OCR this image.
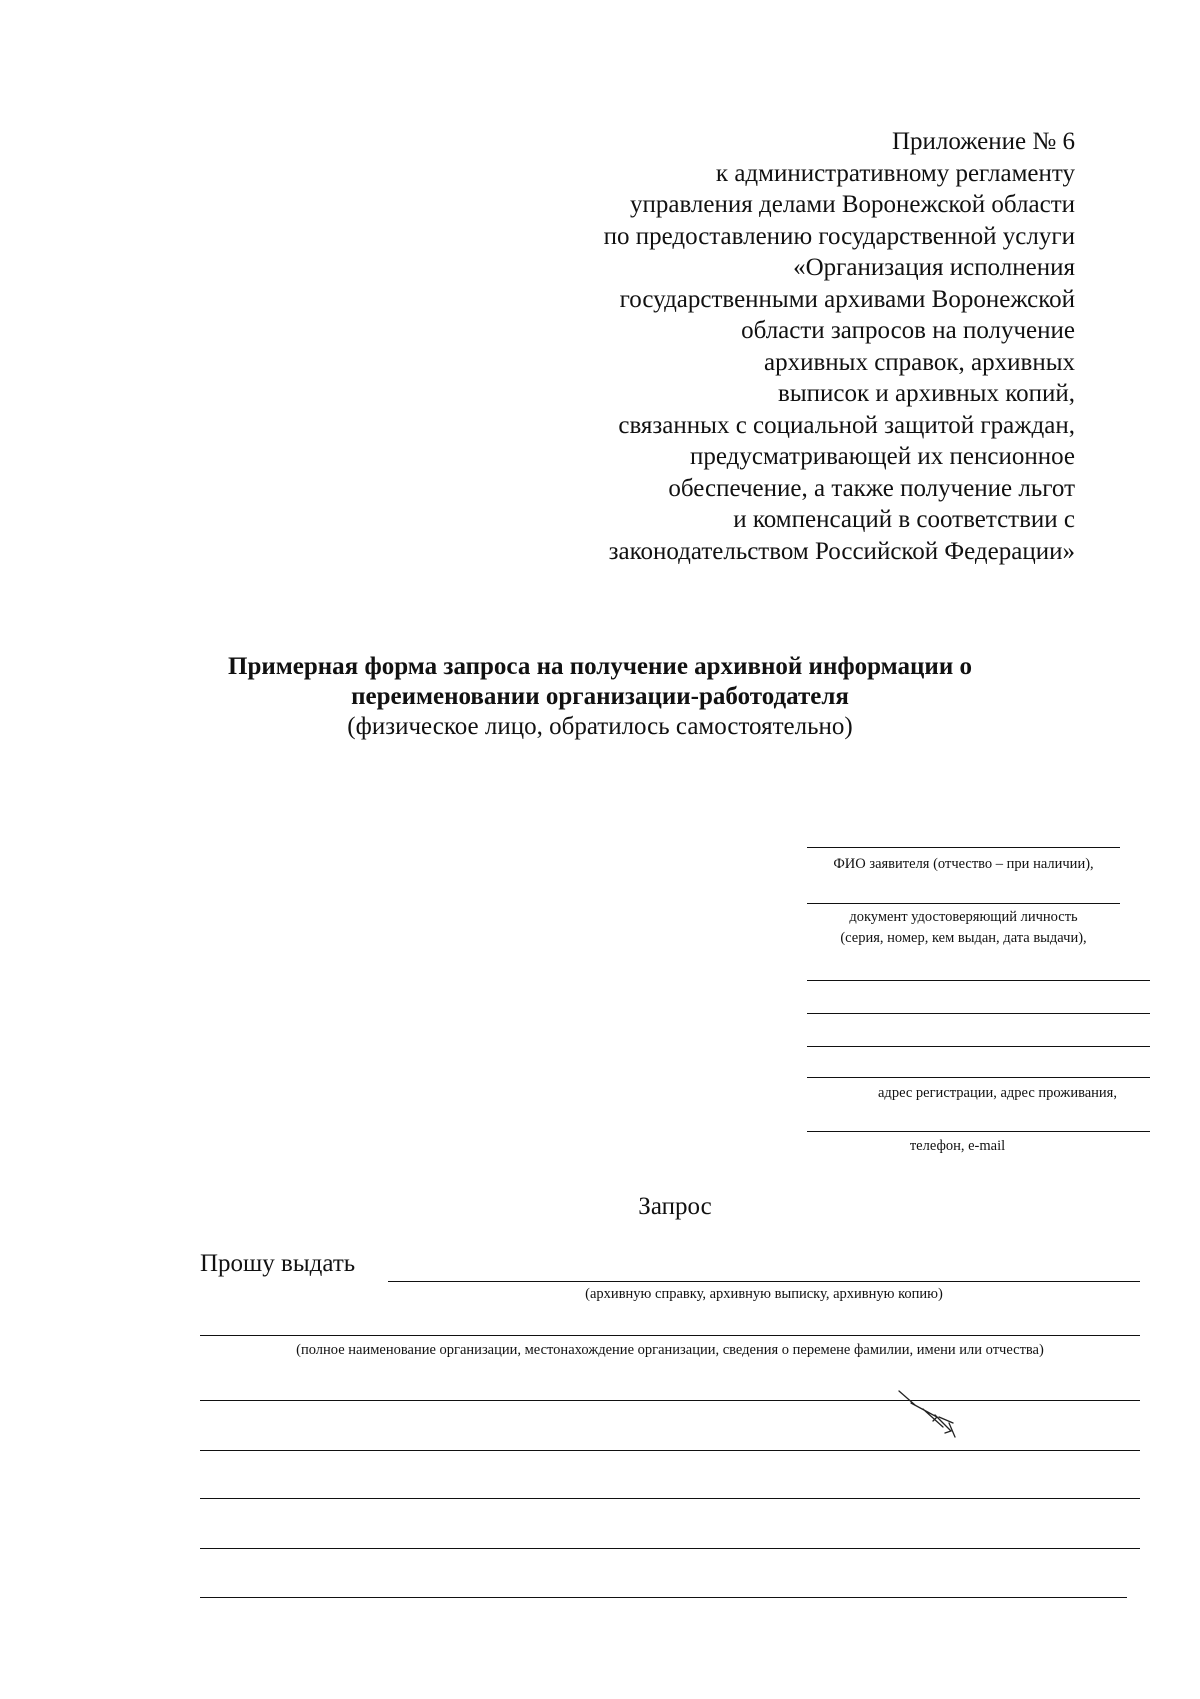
Приложение № 6
к административному регламенту
управления делами Воронежской области
по предоставлению государственной услуги
«Организация исполнения
государственными архивами Воронежской
области запросов на получение
архивных справок, архивных
выписок и архивных копий,
связанных с социальной защитой граждан,
предусматривающей их пенсионное
обеспечение, а также получение льгот
и компенсаций в соответствии с
законодательством Российской Федерации»
Примерная форма запроса на получение архивной информации о
переименовании организации-работодателя
(физическое лицо, обратилось самостоятельно)
ФИО заявителя (отчество – при наличии),
документ удостоверяющий личность
(серия, номер, кем выдан, дата выдачи),
адрес регистрации, адрес проживания,
телефон, e-mail
Запрос
Прошу выдать
(архивную справку, архивную выписку, архивную копию)
(полное наименование организации, местонахождение организации, сведения о перемене фамилии, имени или отчества)
